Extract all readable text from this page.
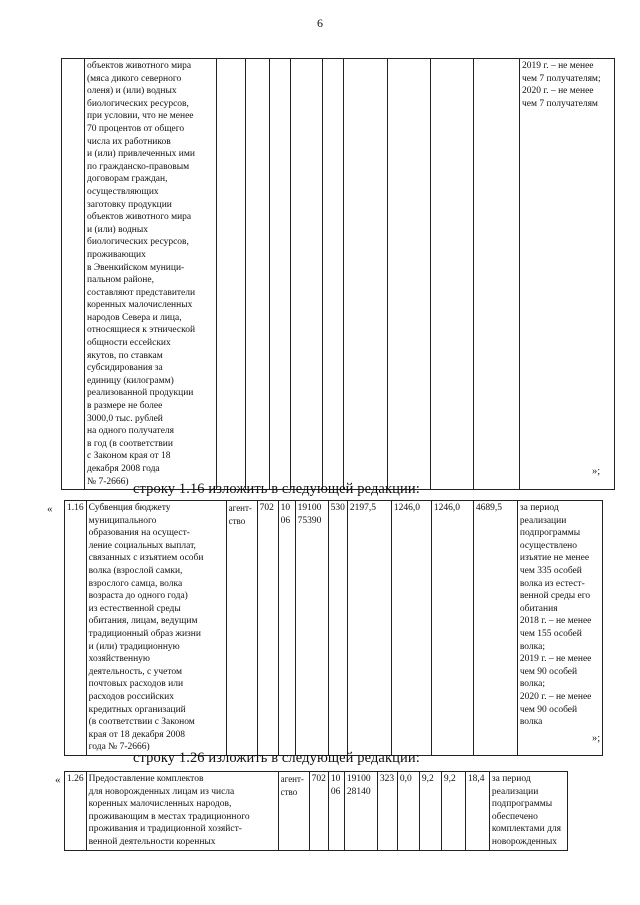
6
	объектов животного мира
(мяса дикого северного
оленя) и (или) водных
биологических ресурсов,
при условии, что не менее
70 процентов от общего
числа их работников
и (или) привлеченных ими
по гражданско-правовым
договорам граждан,
осуществляющих
заготовку продукции
объектов животного мира
и (или) водных
биологических ресурсов,
проживающих
в Эвенкийском муници-
пальном районе,
составляют представители
коренных малочисленных
народов Севера и лица,
относящиеся к этнической
общности ессейских
якутов, по ставкам
субсидирования за
единицу (килограмм)
реализованной продукции
в размере не более
3000,0 тыс. рублей
на одного получателя
в год (в соответствии
с Законом края от 18
декабря 2008 года
№ 7-2666)										2019 г. – не менее
чем 7 получателям;
2020 г. – не менее
чем 7 получателям
»;
строку 1.16 изложить в следующей редакции:
« 1.16	Субвенция бюджету
муниципального
образования на осущест-
ление социальных выплат,
связанных с изъятием особи
волка (взрослой самки,
взрослого самца, волка
возраста до одного года)
из естественной среды
обитания, лицам, ведущим
традиционный образ жизни
и (или) традиционную
хозяйственную
деятельность, с учетом
почтовых расходов или
расходов российских
кредитных организаций
(в соответствии с Законом
края от 18 декабря 2008
года № 7-2666)	агент-
ство	702	10
06	19100
75390	530	2197,5	1246,0	1246,0	4689,5	за период
реализации
подпрограммы
осуществлено
изъятие не менее
чем 335 особей
волка из естест-
венной среды его
обитания
2018 г. – не менее
чем 155 особей
волка;
2019 г. – не менее
чем 90 особей
волка;
2020 г. – не менее
чем 90 особей
волка
»;
строку 1.26 изложить в следующей редакции:
« 1.26	Предоставление комплектов
для новорожденных лицам из числа
коренных малочисленных народов,
проживающим в местах традиционного
проживания и традиционной хозяйст-
венной деятельности коренных	агент-
ство	702	10
06	19100
28140	323	0,0	9,2	9,2	18,4	за период
реализации
подпрограммы
обеспечено
комплектами для
новорожденных
